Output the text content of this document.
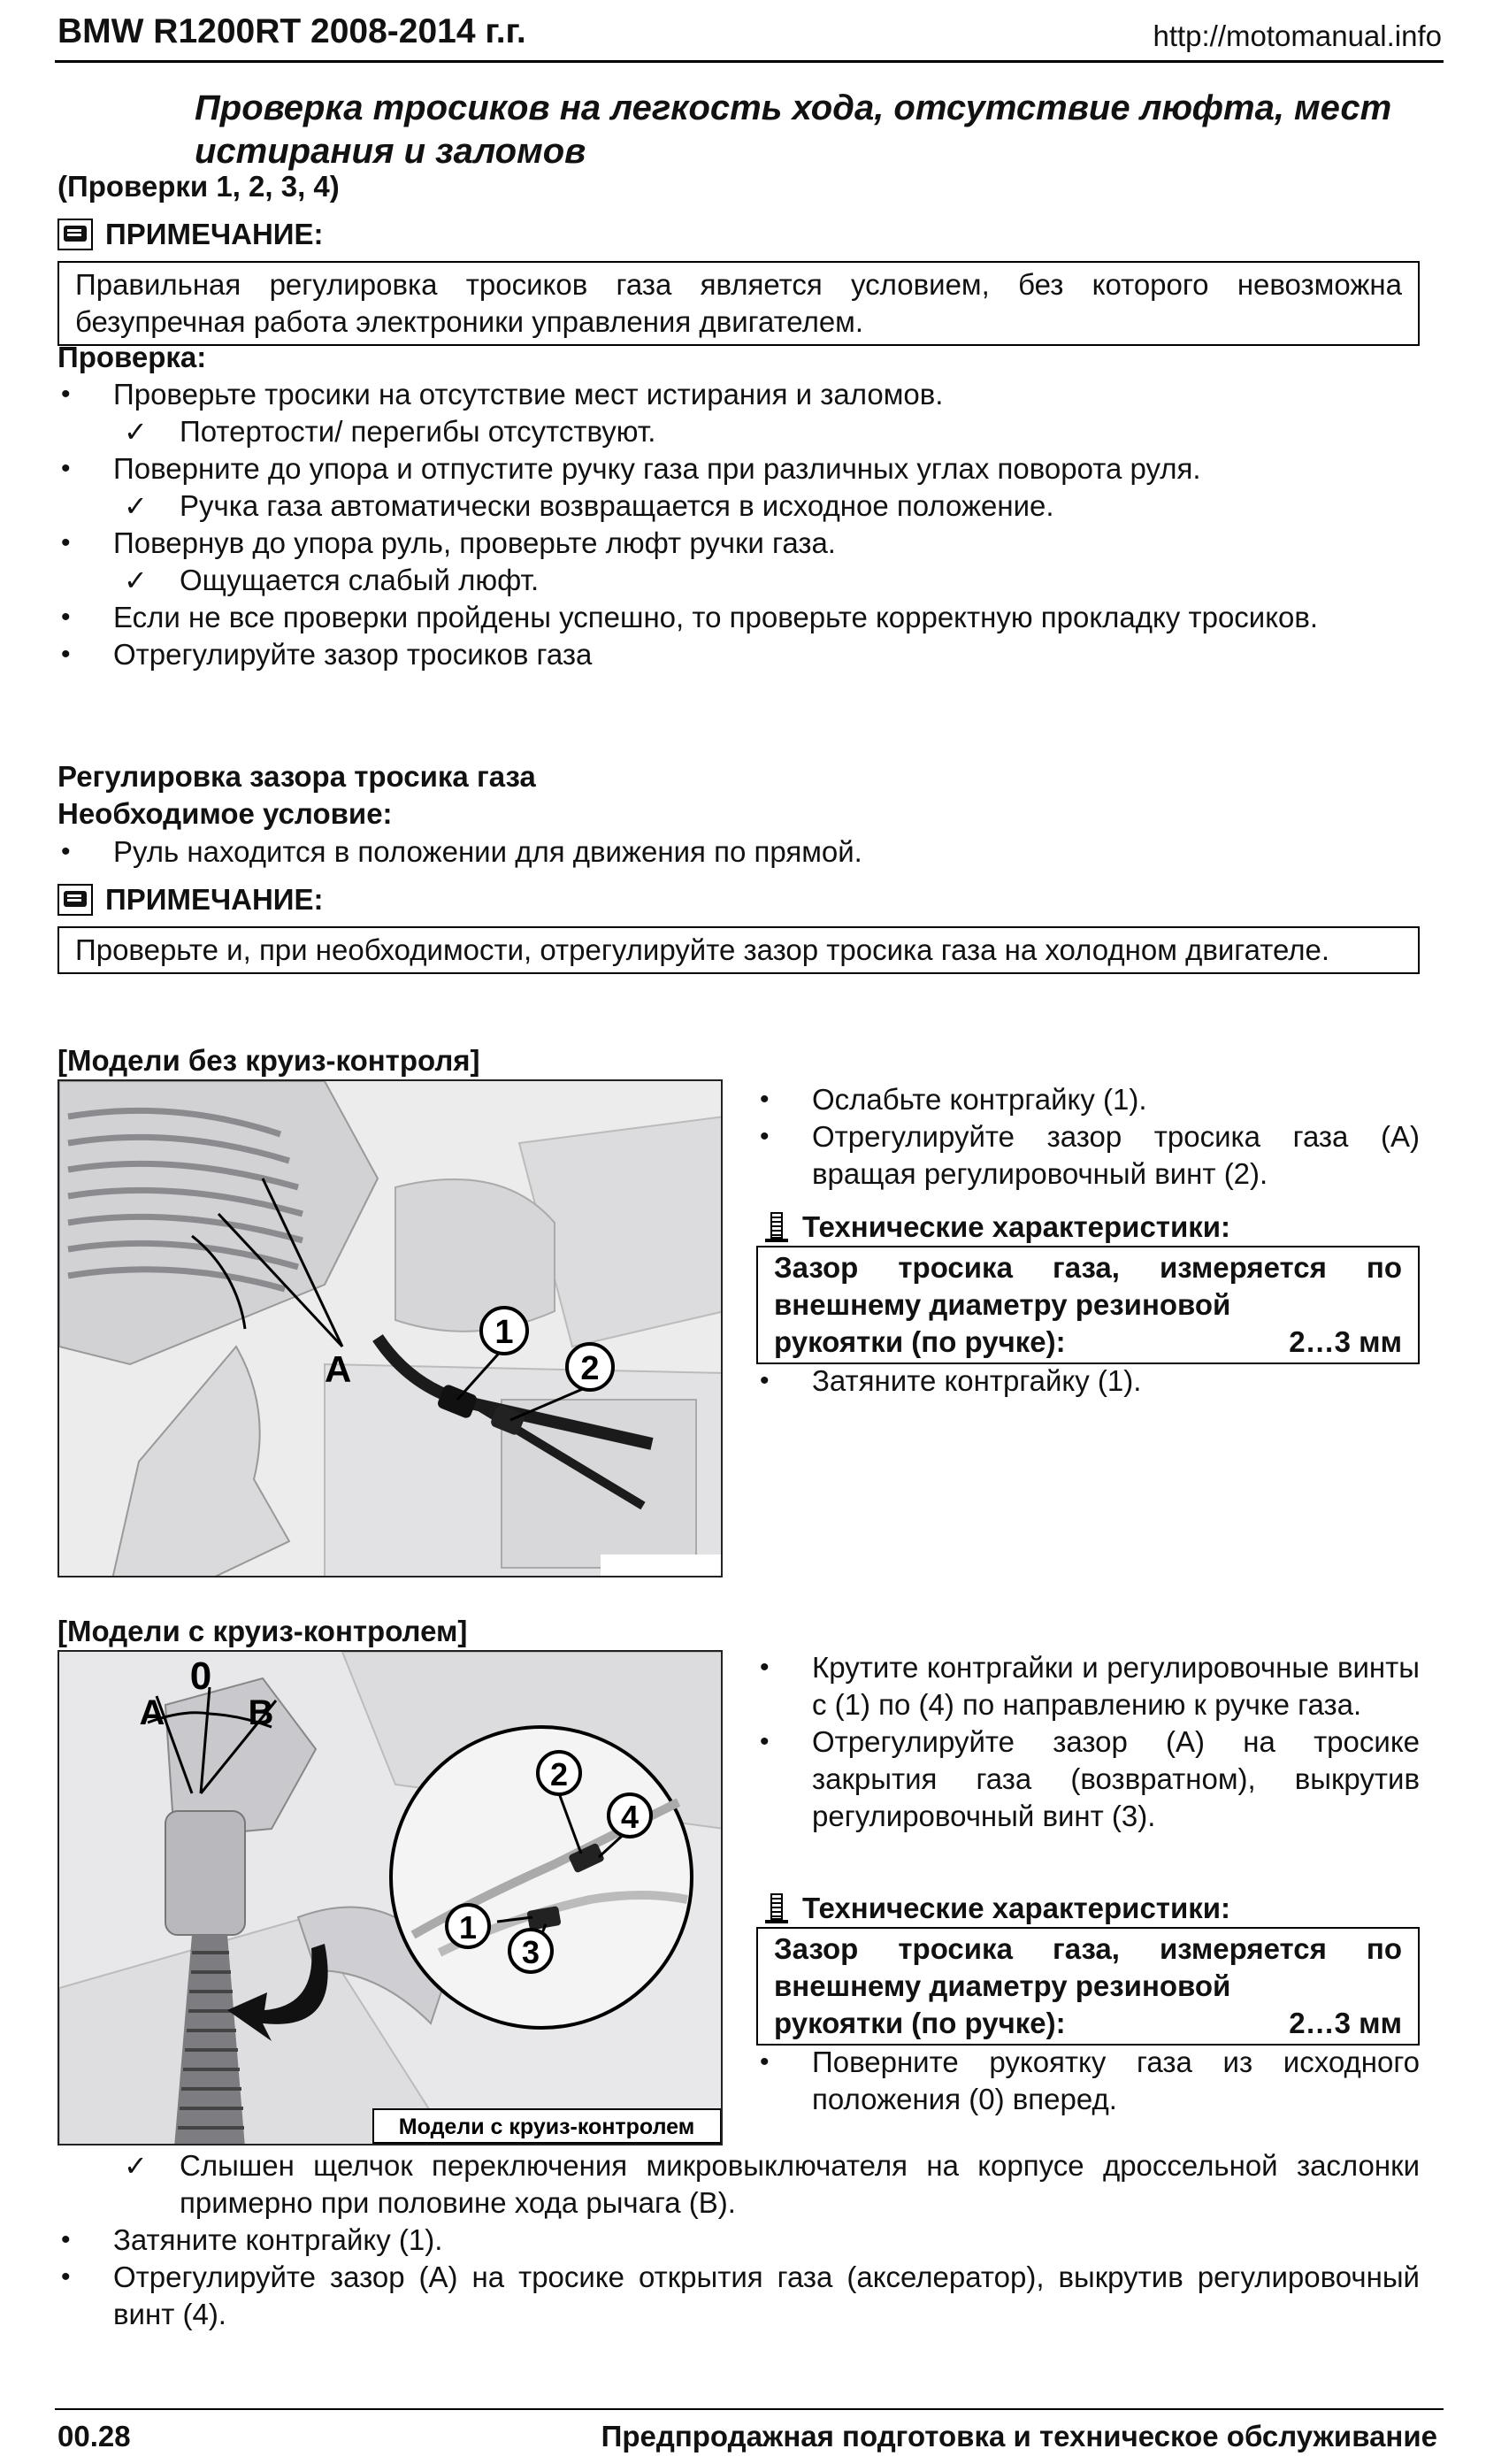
BMW R1200RT 2008-2014 г.г.	http://motomanual.info
Проверка тросиков на легкость хода, отсутствие люфта, мест истирания и заломов
(Проверки 1, 2, 3, 4)
ПРИМЕЧАНИЕ:
Правильная регулировка тросиков газа является условием, без которого невозможна безупречная работа электроники управления двигателем.
Проверка:
• Проверьте тросики на отсутствие мест истирания и заломов.
✓ Потертости/ перегибы отсутствуют.
• Поверните до упора и отпустите ручку газа при различных углах поворота руля.
✓ Ручка газа автоматически возвращается в исходное положение.
• Повернув до упора руль, проверьте люфт ручки газа.
✓ Ощущается слабый люфт.
• Если не все проверки пройдены успешно, то проверьте корректную прокладку тросиков.
• Отрегулируйте зазор тросиков газа
Регулировка зазора тросика газа
Необходимое условие:
• Руль находится в положении для движения по прямой.
ПРИМЕЧАНИЕ:
Проверьте и, при необходимости, отрегулируйте зазор тросика газа на холодном двигателе.
[Модели без круиз-контроля]
A
1
2
• Ослабьте контргайку (1).
• Отрегулируйте зазор тросика газа (А) вращая регулировочный винт (2).
Технические характеристики:
Зазор тросика газа, измеряется по внешнему диаметру резиновой
рукоятки (по ручке):	2…3 мм
• Затяните контргайку (1).
[Модели с круиз-контролем]
0
A B
2
4
1
3
Модели с круиз-контролем
• Крутите контргайки и регулировочные винты с (1) по (4) по направлению к ручке газа.
• Отрегулируйте зазор (А) на тросике закрытия газа (возвратном), выкрутив регулировочный винт (3).
Технические характеристики:
Зазор тросика газа, измеряется по внешнему диаметру резиновой
рукоятки (по ручке):	2…3 мм
• Поверните рукоятку газа из исходного положения (0) вперед.
✓ Слышен щелчок переключения микровыключателя на корпусе дроссельной заслонки примерно при половине хода рычага (В).
• Затяните контргайку (1).
• Отрегулируйте зазор (А) на тросике открытия газа (акселератор), выкрутив регулировочный винт (4).
00.28	Предпродажная подготовка и техническое обслуживание
